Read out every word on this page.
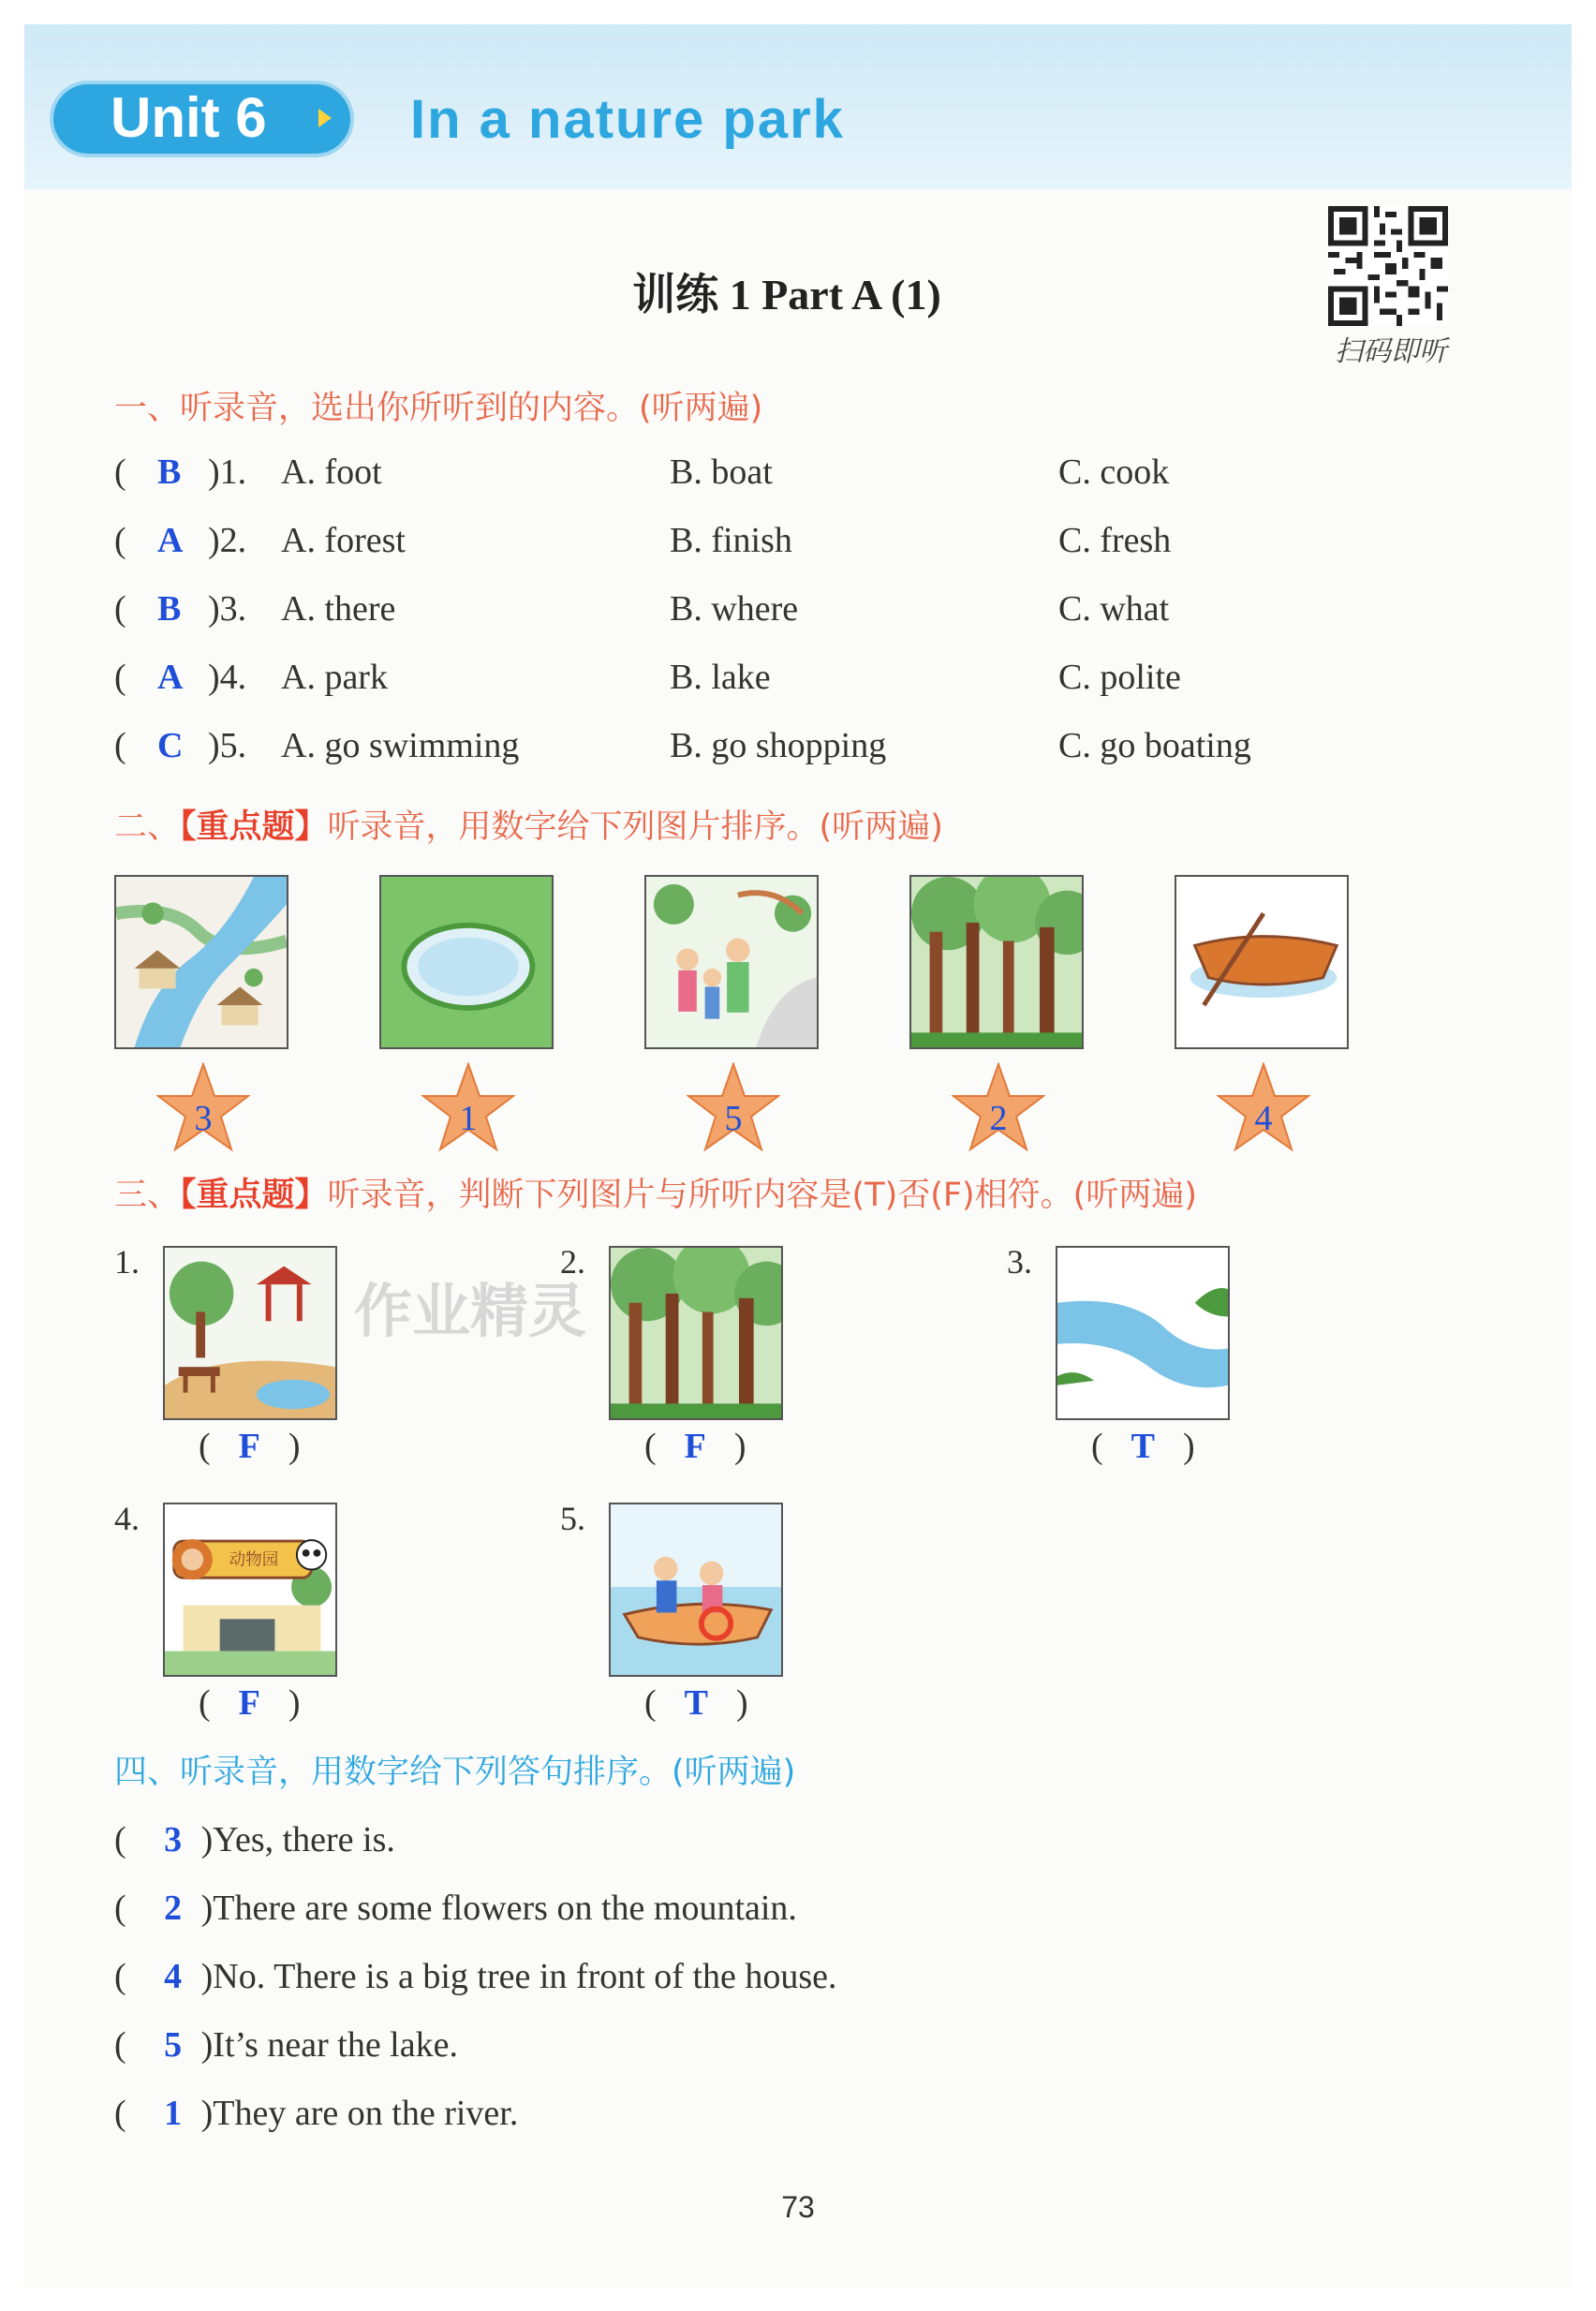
Unit 6	In a nature park
训练 1 Part A (1)
扫码即听
一、听录音，选出你所听到的内容。(听两遍)
( B )1. A. foot	B. boat	C. cook
( A )2. A. forest	B. finish	C. fresh
( B )3. A. there	B. where	C. what
( A )4. A. park	B. lake	C. polite
( C )5. A. go swimming	B. go shopping	C. go boating
二、【重点题】听录音，用数字给下列图片排序。(听两遍)
3	1	5	2	4
三、【重点题】听录音，判断下列图片与所听内容是(T)否(F)相符。(听两遍)
1.
( F )
2.
( F )
3.
( T )
4.
动物园
( F )
5.
( T )
四、听录音，用数字给下列答句排序。(听两遍)
( 3 )Yes, there is.
( 2 )There are some flowers on the mountain.
( 4 )No. There is a big tree in front of the house.
( 5 )It’s near the lake.
( 1 )They are on the river.
作业精灵
73
